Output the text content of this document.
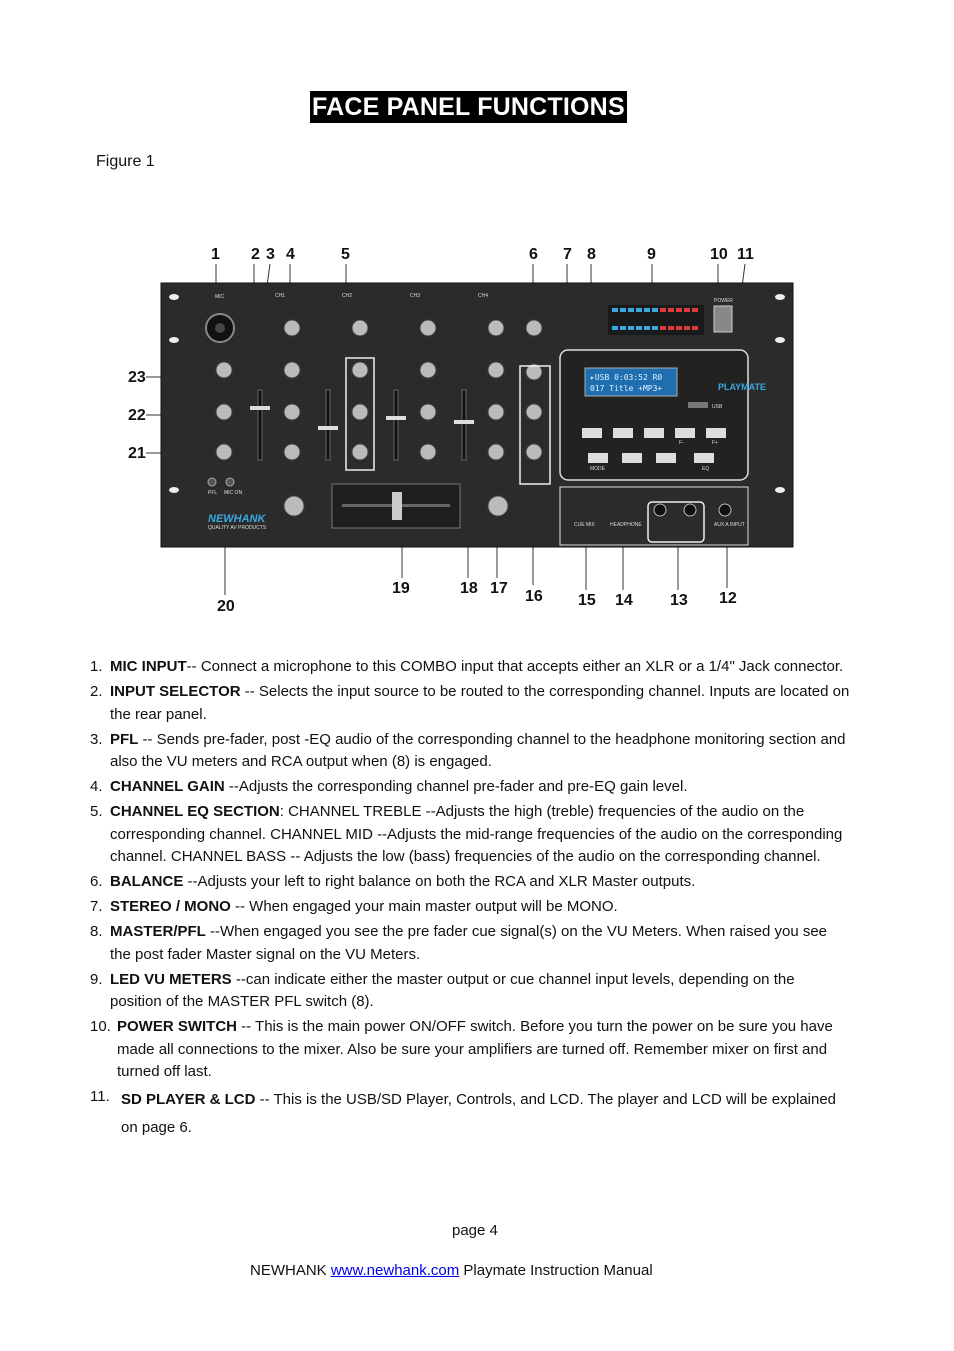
FACE PANEL FUNCTIONS
Figure 1
1 2 3 4	5	6 7 8	9	10 11
23
22
21
20
19	18 17 16 15 14 13 12
MIC	CH1	CH2	CH3	CH4
POWER
▸USB 0:03:52 R0
017 Title +MP3+	PLAYMATE
USB
MODE	EQ
F-	F+
CUE MIX	HEADPHONE	AUX A INPUT
PFL MIC ON
NEWHANK
QUALITY AV PRODUCTS
1. MIC INPUT-- Connect a microphone to this COMBO input that accepts either an XLR or a 1/4" Jack connector.
2. INPUT SELECTOR -- Selects the input source to be routed to the corresponding channel. Inputs are located on the rear panel.
3. PFL -- Sends pre-fader, post -EQ audio of the corresponding channel to the headphone monitoring section and also the VU meters and RCA output when (8) is engaged.
4. CHANNEL GAIN --Adjusts the corresponding channel pre-fader and pre-EQ gain level.
5. CHANNEL EQ SECTION: CHANNEL TREBLE --Adjusts the high (treble) frequencies of the audio on the corresponding channel. CHANNEL MID --Adjusts the mid-range frequencies of the audio on the corresponding channel. CHANNEL BASS -- Adjusts the low (bass) frequencies of the audio on the corresponding channel.
6. BALANCE --Adjusts your left to right balance on both the RCA and XLR Master outputs.
7. STEREO / MONO -- When engaged your main master output will be MONO.
8. MASTER/PFL --When engaged you see the pre fader cue signal(s) on the VU Meters. When raised you see the post fader Master signal on the VU Meters.
9. LED VU METERS --can indicate either the master output or cue channel input levels, depending on the position of the MASTER PFL switch (8).
10. POWER SWITCH -- This is the main power ON/OFF switch. Before you turn the power on be sure you have made all connections to the mixer. Also be sure your amplifiers are turned off. Remember mixer on first and turned off last.
11. SD PLAYER & LCD -- This is the USB/SD Player, Controls, and LCD. The player and LCD will be explained on page 6.
page 4
NEWHANK www.newhank.com Playmate Instruction Manual
